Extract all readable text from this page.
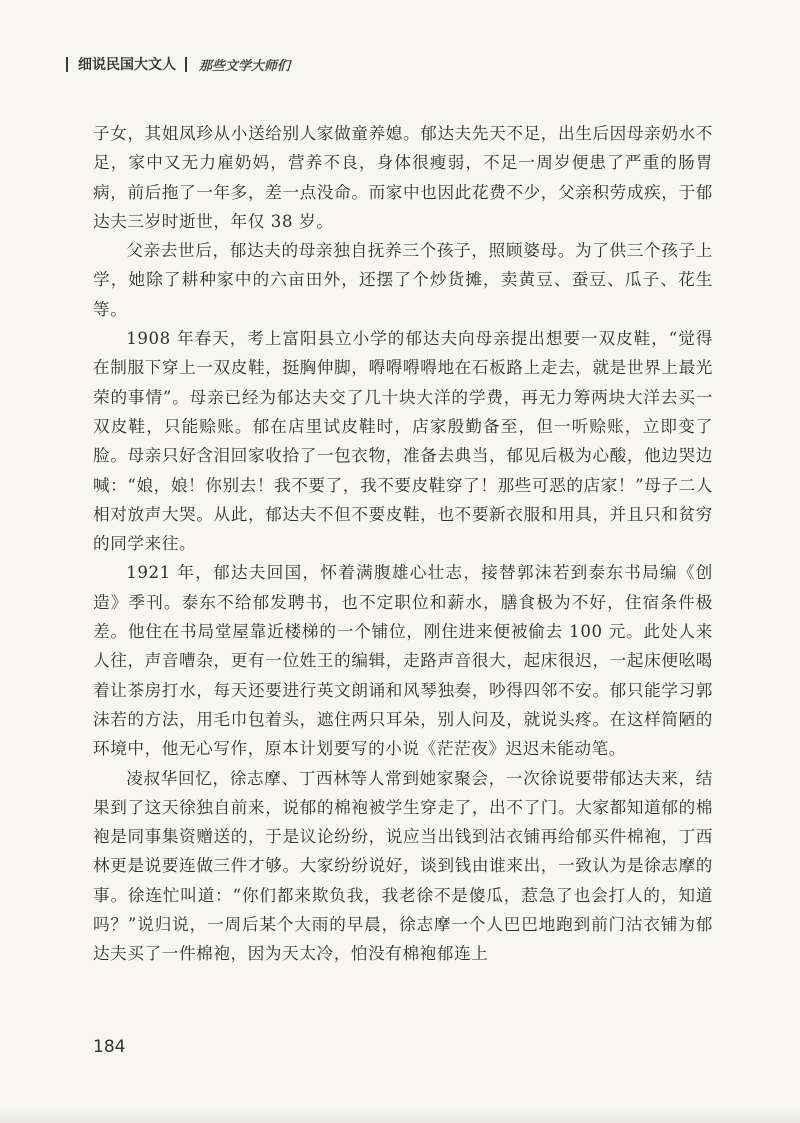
细说民国大文人 那些文学大师们

子女，其姐凤珍从小送给别人家做童养媳。郁达夫先天不足，出生后因母亲奶水不足，家中又无力雇奶妈，营养不良，身体很瘦弱，不足一周岁便患了严重的肠胃病，前后拖了一年多，差一点没命。而家中也因此花费不少，父亲积劳成疾，于郁达夫三岁时逝世，年仅 38 岁。

父亲去世后，郁达夫的母亲独自抚养三个孩子，照顾婆母。为了供三个孩子上学，她除了耕种家中的六亩田外，还摆了个炒货摊，卖黄豆、蚕豆、瓜子、花生等。

1908 年春天，考上富阳县立小学的郁达夫向母亲提出想要一双皮鞋，“觉得在制服下穿上一双皮鞋，挺胸伸脚，嘚嘚嘚嘚地在石板路上走去，就是世界上最光荣的事情”。母亲已经为郁达夫交了几十块大洋的学费，再无力筹两块大洋去买一双皮鞋，只能赊账。郁在店里试皮鞋时，店家殷勤备至，但一听赊账，立即变了脸。母亲只好含泪回家收拾了一包衣物，准备去典当，郁见后极为心酸，他边哭边喊：“娘，娘！你别去！我不要了，我不要皮鞋穿了！那些可恶的店家！”母子二人相对放声大哭。从此，郁达夫不但不要皮鞋，也不要新衣服和用具，并且只和贫穷的同学来往。

1921 年，郁达夫回国，怀着满腹雄心壮志，接替郭沫若到泰东书局编《创造》季刊。泰东不给郁发聘书，也不定职位和薪水，膳食极为不好，住宿条件极差。他住在书局堂屋靠近楼梯的一个铺位，刚住进来便被偷去 100 元。此处人来人往，声音嘈杂，更有一位姓王的编辑，走路声音很大，起床很迟，一起床便吆喝着让茶房打水，每天还要进行英文朗诵和风琴独奏，吵得四邻不安。郁只能学习郭沫若的方法，用毛巾包着头，遮住两只耳朵，别人问及，就说头疼。在这样简陋的环境中，他无心写作，原本计划要写的小说《茫茫夜》迟迟未能动笔。

凌叔华回忆，徐志摩、丁西林等人常到她家聚会，一次徐说要带郁达夫来，结果到了这天徐独自前来，说郁的棉袍被学生穿走了，出不了门。大家都知道郁的棉袍是同事集资赠送的，于是议论纷纷，说应当出钱到沽衣铺再给郁买件棉袍，丁西林更是说要连做三件才够。大家纷纷说好，谈到钱由谁来出，一致认为是徐志摩的事。徐连忙叫道：“你们都来欺负我，我老徐不是傻瓜，惹急了也会打人的，知道吗？”说归说，一周后某个大雨的早晨，徐志摩一个人巴巴地跑到前门沽衣铺为郁达夫买了一件棉袍，因为天太冷，怕没有棉袍郁连上

184
